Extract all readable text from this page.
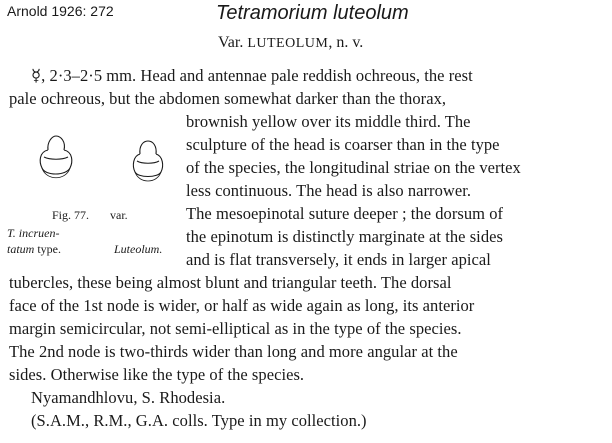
Arnold 1926: 272	Tetramorium luteolum
Var. LUTEOLUM, n. v.
☿, 2·3–2·5 mm. Head and antennae pale reddish ochreous, the rest
pale ochreous, but the abdomen somewhat darker than the thorax,
brownish yellow over its middle third. The
sculpture of the head is coarser than in the type
of the species, the longitudinal striae on the vertex
less continuous. The head is also narrower.
The mesoepinotal suture deeper ; the dorsum of
the epinotum is distinctly marginate at the sides
and is flat transversely, it ends in larger apical
tubercles, these being almost blunt and triangular teeth. The dorsal
face of the 1st node is wider, or half as wide again as long, its anterior
margin semicircular, not semi-elliptical as in the type of the species.
The 2nd node is two-thirds wider than long and more angular at the
sides. Otherwise like the type of the species.
Nyamandhlovu, S. Rhodesia.
(S.A.M., R.M., G.A. colls. Type in my collection.)
Fig. 77. var.
T. incruen-
tatum type.	Luteolum.
